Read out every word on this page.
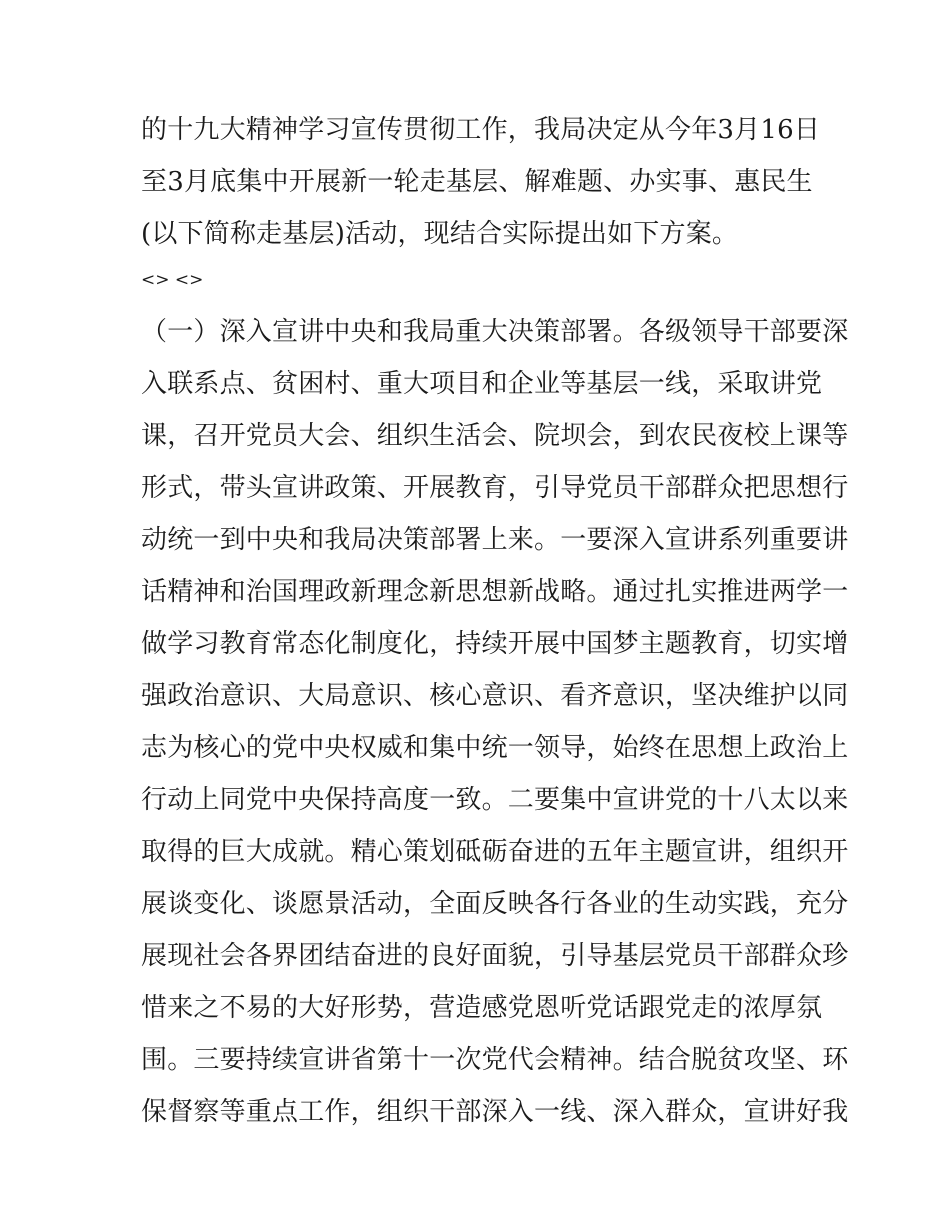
的十九大精神学习宣传贯彻工作，我局决定从今年3月16日
至3月底集中开展新一轮走基层、解难题、办实事、惠民生
(以下简称走基层)活动，现结合实际提出如下方案。
<> <>
（一）深入宣讲中央和我局重大决策部署。各级领导干部要深
入联系点、贫困村、重大项目和企业等基层一线，采取讲党
课，召开党员大会、组织生活会、院坝会，到农民夜校上课等
形式，带头宣讲政策、开展教育，引导党员干部群众把思想行
动统一到中央和我局决策部署上来。一要深入宣讲系列重要讲
话精神和治国理政新理念新思想新战略。通过扎实推进两学一
做学习教育常态化制度化，持续开展中国梦主题教育，切实增
强政治意识、大局意识、核心意识、看齐意识，坚决维护以同
志为核心的党中央权威和集中统一领导，始终在思想上政治上
行动上同党中央保持高度一致。二要集中宣讲党的十八太以来
取得的巨大成就。精心策划砥砺奋进的五年主题宣讲，组织开
展谈变化、谈愿景活动，全面反映各行各业的生动实践，充分
展现社会各界团结奋进的良好面貌，引导基层党员干部群众珍
惜来之不易的大好形势，营造感党恩听党话跟党走的浓厚氛
围。三要持续宣讲省第十一次党代会精神。结合脱贫攻坚、环
保督察等重点工作，组织干部深入一线、深入群众，宣讲好我
